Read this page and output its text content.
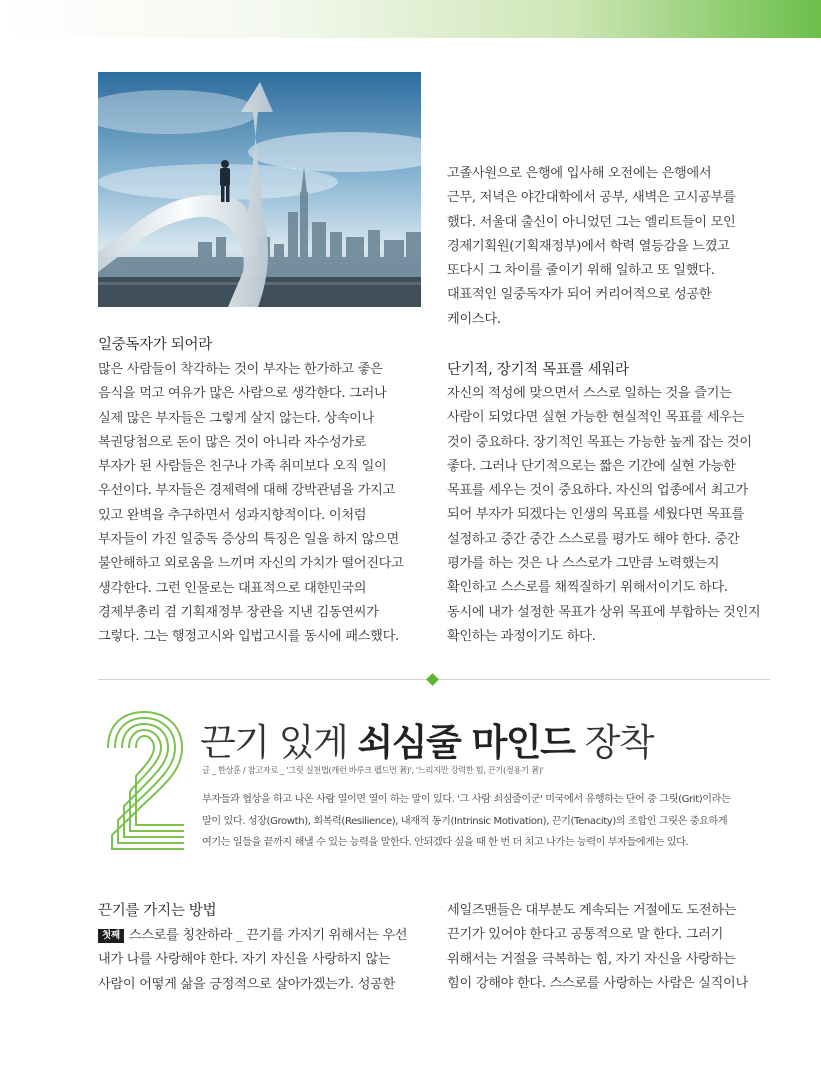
일중독자가 되어라
많은 사람들이 착각하는 것이 부자는 한가하고 좋은
음식을 먹고 여유가 많은 사람으로 생각한다. 그러나
실제 많은 부자들은 그렇게 살지 않는다. 상속이나
복권당첨으로 돈이 많은 것이 아니라 자수성가로
부자가 된 사람들은 친구나 가족 취미보다 오직 일이
우선이다. 부자들은 경제력에 대해 강박관념을 가지고
있고 완벽을 추구하면서 성과지향적이다. 이처럼
부자들이 가진 일중독 증상의 특징은 일을 하지 않으면
불안해하고 외로움을 느끼며 자신의 가치가 떨어진다고
생각한다. 그런 인물로는 대표적으로 대한민국의
경제부총리 겸 기획재정부 장관을 지낸 김동연씨가
그렇다. 그는 행정고시와 입법고시를 동시에 패스했다.
고졸사원으로 은행에 입사해 오전에는 은행에서
근무, 저녁은 야간대학에서 공부, 새벽은 고시공부를
했다. 서울대 출신이 아니었던 그는 엘리트들이 모인
경제기획원(기획재정부)에서 학력 열등감을 느꼈고
또다시 그 차이를 줄이기 위해 일하고 또 일했다.
대표적인 일중독자가 되어 커리어적으로 성공한
케이스다.
단기적, 장기적 목표를 세워라
자신의 적성에 맞으면서 스스로 일하는 것을 즐기는
사람이 되었다면 실현 가능한 현실적인 목표를 세우는
것이 중요하다. 장기적인 목표는 가능한 높게 잡는 것이
좋다. 그러나 단기적으로는 짧은 기간에 실현 가능한
목표를 세우는 것이 중요하다. 자신의 업종에서 최고가
되어 부자가 되겠다는 인생의 목표를 세웠다면 목표를
설정하고 중간 중간 스스로를 평가도 해야 한다. 중간
평가를 하는 것은 나 스스로가 그만큼 노력했는지
확인하고 스스로를 채찍질하기 위해서이기도 하다.
동시에 내가 설정한 목표가 상위 목표에 부합하는 것인지
확인하는 과정이기도 하다.
끈기 있게 쇠심줄 마인드 장착
글 _ 한상훈 / 참고자료 _ '그릿 실천법(캐런 바루크 펠드먼 著)', '느리지만 강력한 힘, 끈기(정용기 著)'
부자들과 협상을 하고 나온 사람 열이면 열이 하는 말이 있다. '그 사람 쇠심줄이군' 미국에서 유행하는 단어 중 그릿(Grit)이라는
말이 있다. 성장(Growth), 회복력(Resilience), 내재적 동기(Intrinsic Motivation), 끈기(Tenacity)의 조합인 그릿은 중요하게
여기는 일들을 끝까지 해낼 수 있는 능력을 말한다. 안되겠다 싶을 때 한 번 더 치고 나가는 능력이 부자들에게는 있다.
끈기를 가지는 방법
첫째 스스로를 칭찬하라 _ 끈기를 가지기 위해서는 우선
내가 나를 사랑해야 한다. 자기 자신을 사랑하지 않는
사람이 어떻게 삶을 긍정적으로 살아가겠는가. 성공한
세일즈맨들은 대부분도 계속되는 거절에도 도전하는
끈기가 있어야 한다고 공통적으로 말 한다. 그러기
위해서는 거절을 극복하는 힘, 자기 자신을 사랑하는
힘이 강해야 한다. 스스로를 사랑하는 사람은 실직이나
